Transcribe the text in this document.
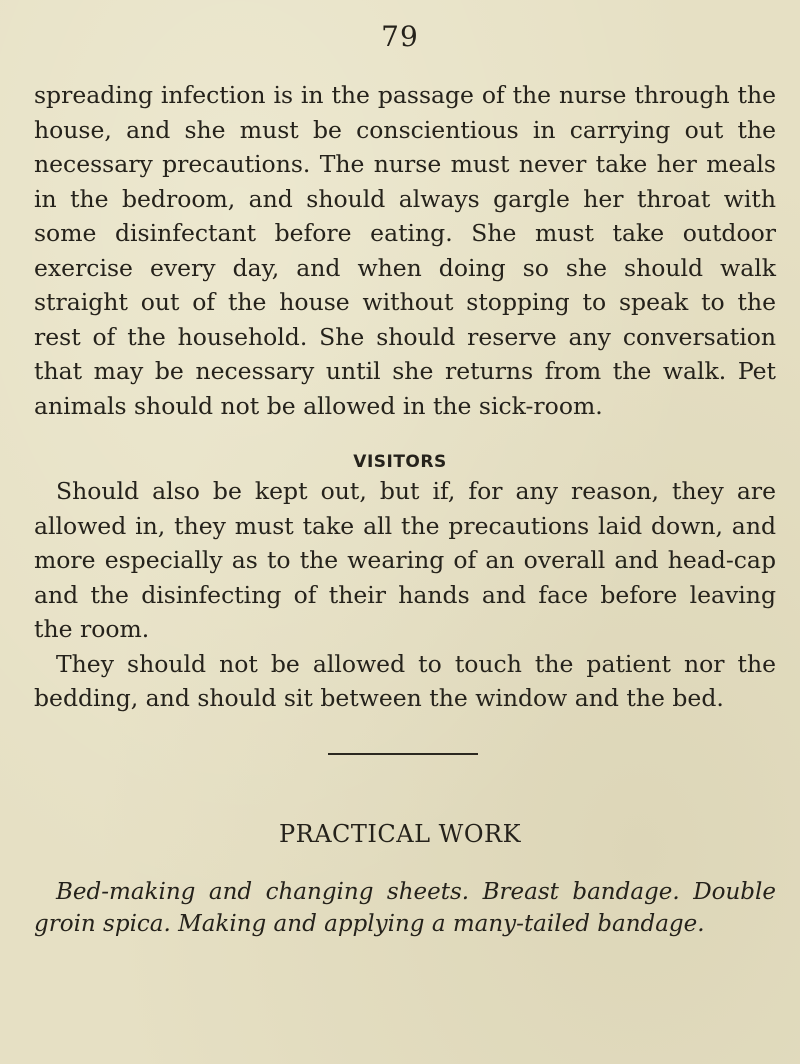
79

spreading infection is in the passage of the nurse through the house, and she must be conscientious in carrying out the necessary precautions. The nurse must never take her meals in the bedroom, and should always gargle her throat with some disinfectant before eating. She must take outdoor exercise every day, and when doing so she should walk straight out of the house without stopping to speak to the rest of the household. She should reserve any conversation that may be necessary until she returns from the walk. Pet animals should not be allowed in the sick-room.

VISITORS

Should also be kept out, but if, for any reason, they are allowed in, they must take all the precautions laid down, and more especially as to the wearing of an overall and head-cap and the disinfecting of their hands and face before leaving the room.

They should not be allowed to touch the patient nor the bedding, and should sit between the window and the bed.

PRACTICAL WORK

Bed-making and changing sheets. Breast bandage. Double groin spica. Making and applying a many-tailed bandage.
